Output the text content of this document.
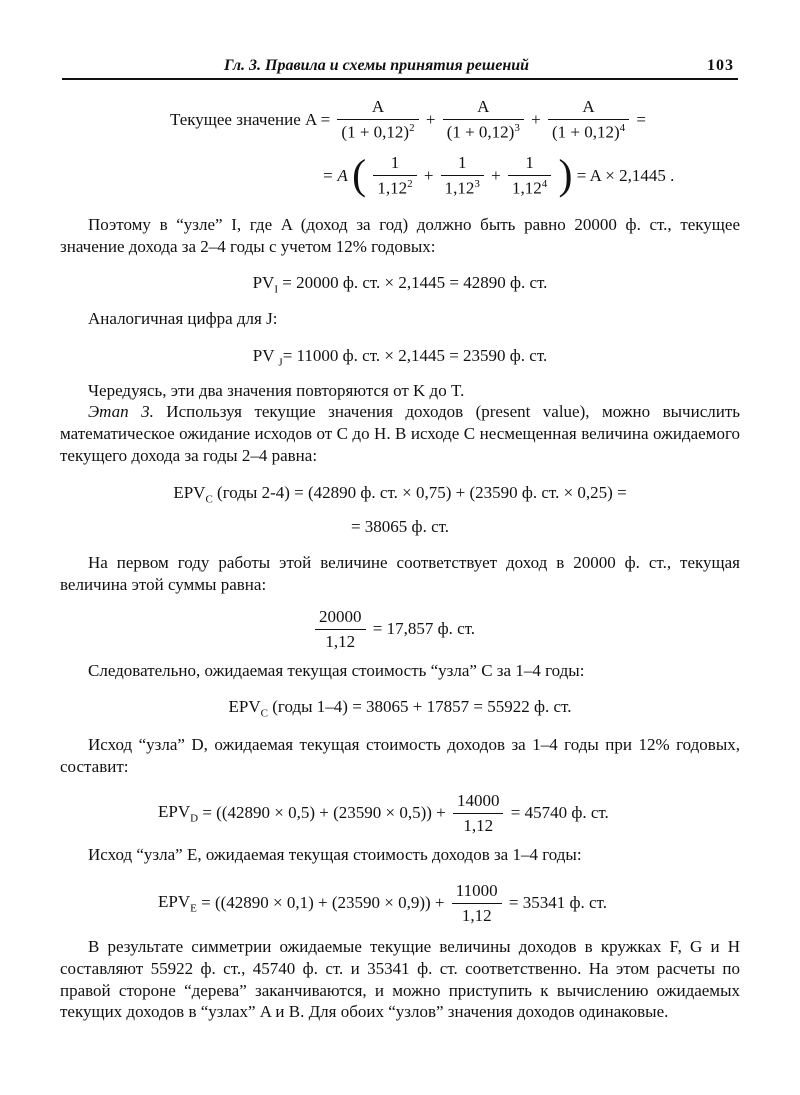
Гл. 3. Правила и схемы принятия решений	103
Текущее значение $A = \frac{A}{(1 + 0,12)^2} + \frac{A}{(1 + 0,12)^3} + \frac{A}{(1 + 0,12)^4}$ =
= A ( $\frac{1}{1,12^2} + \frac{1}{1,12^3} + \frac{1}{1,12^4}$ ) = A × 2,1445 .
Поэтому в “узле” I, где A (доход за год) должно быть равно 20000 ф. ст., текущее значение дохода за 2–4 годы с учетом 12% годовых:
$PV_I = 20000$ ф. ст. × 2,1445 = 42890 ф. ст.
Аналогичная цифра для J:
PV $_J$= 11000 ф. ст. × 2,1445 = 23590 ф. ст.
Чередуясь, эти два значения повторяются от K до T.
Этап 3. Используя текущие значения доходов (present value), можно вычислить математическое ожидание исходов от C до H. В исходе C несмещенная величина ожидаемого текущего дохода за годы 2–4 равна:
$EPV_C$ (годы 2-4) = (42890 ф. ст. × 0,75) + (23590 ф. ст. × 0,25) =
= 38065 ф. ст.
На первом году работы этой величине соответствует доход в 20000 ф. ст., текущая величина этой суммы равна:
$\frac{20000}{1,12} = 17,857$ ф. ст.
Следовательно, ожидаемая текущая стоимость “узла” C за 1–4 годы:
$EPV_C$ (годы 1–4) = 38065 + 17857 = 55922 ф. ст.
Исход “узла” D, ожидаемая текущая стоимость доходов за 1–4 годы при 12% годовых, составит:
$EPV_D = ((42890 \times 0,5) + (23590 \times 0,5)) + \frac{14000}{1,12} = 45740$ ф. ст.
Исход “узла” E, ожидаемая текущая стоимость доходов за 1–4 годы:
$EPV_E = ((42890 \times 0,1) + (23590 \times 0,9)) + \frac{11000}{1,12} = 35341$ ф. ст.
В результате симметрии ожидаемые текущие величины доходов в кружках F, G и H составляют 55922 ф. ст., 45740 ф. ст. и 35341 ф. ст. соответственно. На этом расчеты по правой стороне “дерева” заканчиваются, и можно приступить к вычислению ожидаемых текущих доходов в “узлах” A и B. Для обоих “узлов” значения доходов одинаковые.
